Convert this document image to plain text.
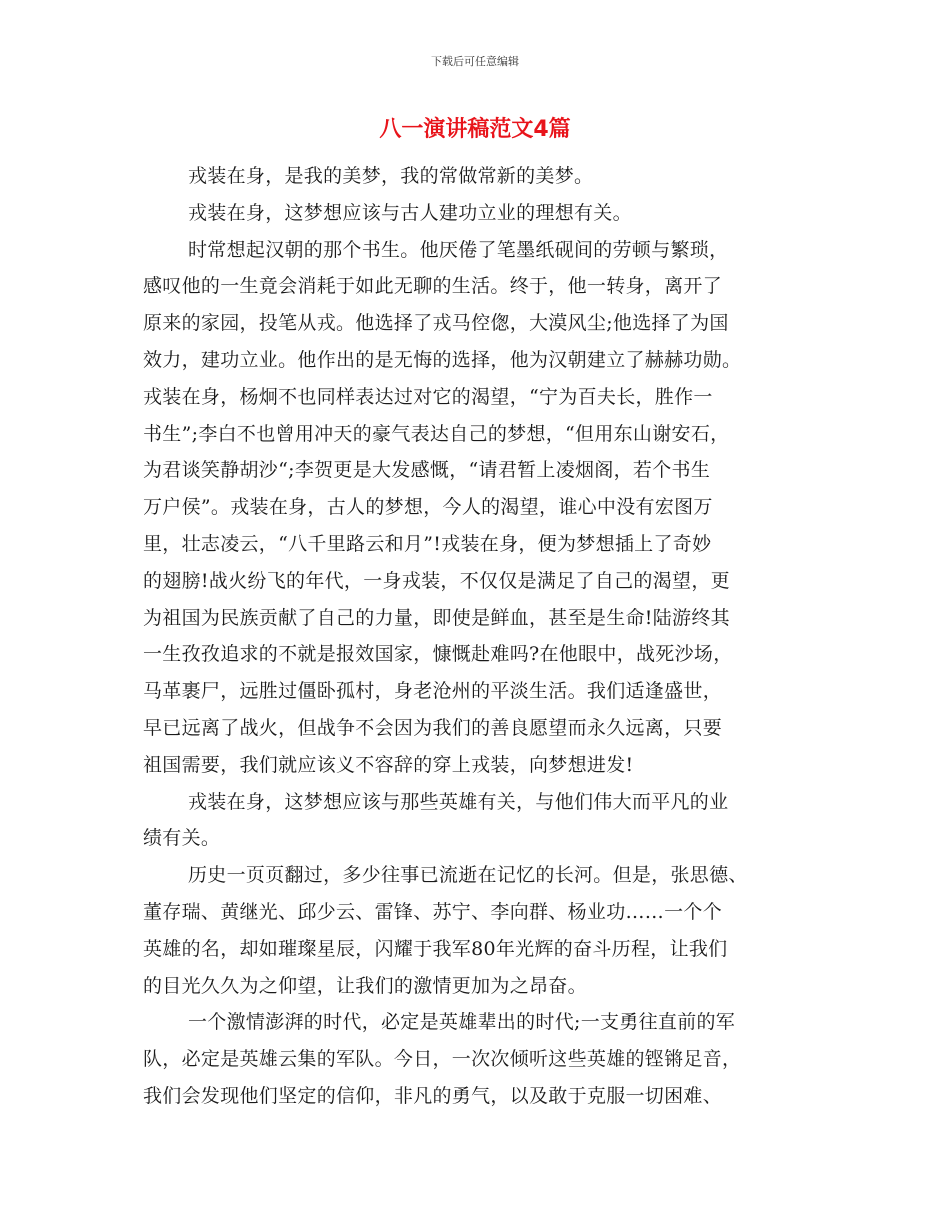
下载后可任意编辑
八一演讲稿范文4篇
戎装在身，是我的美梦，我的常做常新的美梦。
戎装在身，这梦想应该与古人建功立业的理想有关。
时常想起汉朝的那个书生。他厌倦了笔墨纸砚间的劳顿与繁琐，
感叹他的一生竟会消耗于如此无聊的生活。终于，他一转身，离开了
原来的家园，投笔从戎。他选择了戎马倥偬，大漠风尘;他选择了为国
效力，建功立业。他作出的是无悔的选择，他为汉朝建立了赫赫功勋。
戎装在身，杨炯不也同样表达过对它的渴望，“宁为百夫长，胜作一
书生”;李白不也曾用冲天的豪气表达自己的梦想，“但用东山谢安石，
为君谈笑静胡沙“;李贺更是大发感慨，“请君暂上凌烟阁，若个书生
万户侯”。戎装在身，古人的梦想，今人的渴望，谁心中没有宏图万
里，壮志凌云，“八千里路云和月”!戎装在身，便为梦想插上了奇妙
的翅膀!战火纷飞的年代，一身戎装，不仅仅是满足了自己的渴望，更
为祖国为民族贡献了自己的力量，即使是鲜血，甚至是生命!陆游终其
一生孜孜追求的不就是报效国家，慷慨赴难吗?在他眼中，战死沙场，
马革裹尸，远胜过僵卧孤村，身老沧州的平淡生活。我们适逢盛世，
早已远离了战火，但战争不会因为我们的善良愿望而永久远离，只要
祖国需要，我们就应该义不容辞的穿上戎装，向梦想进发!
戎装在身，这梦想应该与那些英雄有关，与他们伟大而平凡的业
绩有关。
历史一页页翻过，多少往事已流逝在记忆的长河。但是，张思德、
董存瑞、黄继光、邱少云、雷锋、苏宁、李向群、杨业功……一个个
英雄的名，却如璀璨星辰，闪耀于我军80年光辉的奋斗历程，让我们
的目光久久为之仰望，让我们的激情更加为之昂奋。
一个激情澎湃的时代，必定是英雄辈出的时代;一支勇往直前的军
队，必定是英雄云集的军队。今日，一次次倾听这些英雄的铿锵足音，
我们会发现他们坚定的信仰，非凡的勇气，以及敢于克服一切困难、
